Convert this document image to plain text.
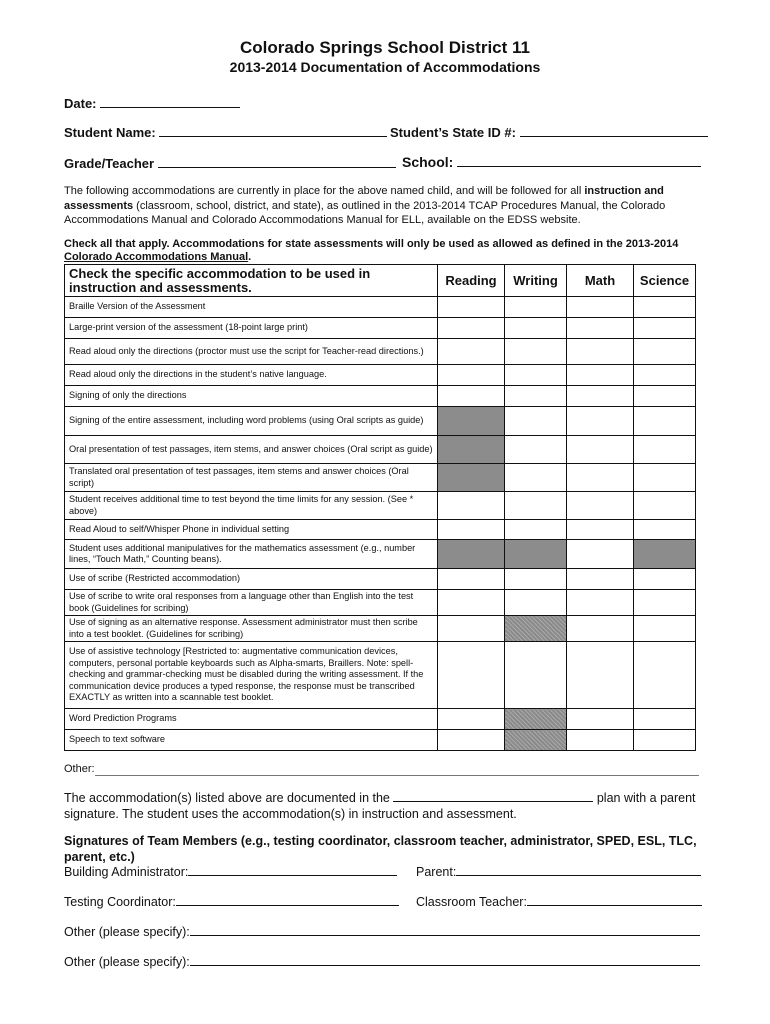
Colorado Springs School District 11
2013-2014 Documentation of Accommodations
Date:
Student Name:	Student’s State ID #:
Grade/Teacher	School:
The following accommodations are currently in place for the above named child, and will be followed for all instruction and assessments (classroom, school, district, and state), as outlined in the 2013-2014 TCAP Procedures Manual, the Colorado Accommodations Manual and Colorado Accommodations Manual for ELL, available on the EDSS website.
Check all that apply. Accommodations for state assessments will only be used as allowed as defined in the 2013-2014 Colorado Accommodations Manual.
Check the specific accommodation to be used in instruction and assessments.	Reading	Writing	Math	Science
Braille Version of the Assessment				
Large-print version of the assessment (18-point large print)				
Read aloud only the directions (proctor must use the script for Teacher-read directions.)				
Read aloud only the directions in the student’s native language.				
Signing of only the directions				
Signing of the entire assessment, including word problems (using Oral scripts as guide)				
Oral presentation of test passages, item stems, and answer choices (Oral script as guide)				
Translated oral presentation of test passages, item stems and answer choices (Oral script)				
Student receives additional time to test beyond the time limits for any session. (See * above)				
Read Aloud to self/Whisper Phone in individual setting				
Student uses additional manipulatives for the mathematics assessment (e.g., number lines, “Touch Math,” Counting beans).				
Use of scribe (Restricted accommodation)				
Use of scribe to write oral responses from a language other than English into the test book (Guidelines for scribing)				
Use of signing as an alternative response. Assessment administrator must then scribe into a test booklet. (Guidelines for scribing)				
Use of assistive technology [Restricted to: augmentative communication devices, computers, personal portable keyboards such as Alpha-smarts, Braillers. Note: spell-checking and grammar-checking must be disabled during the writing assessment. If the communication device produces a typed response, the response must be transcribed EXACTLY as written into a scannable test booklet.				
Word Prediction Programs				
Speech to text software				
Other:
The accommodation(s) listed above are documented in the	plan with a parent signature. The student uses the accommodation(s) in instruction and assessment.
Signatures of Team Members (e.g., testing coordinator, classroom teacher, administrator, SPED, ESL, TLC, parent, etc.)
Building Administrator:	Parent:
Testing Coordinator:	Classroom Teacher:
Other (please specify):
Other (please specify):
